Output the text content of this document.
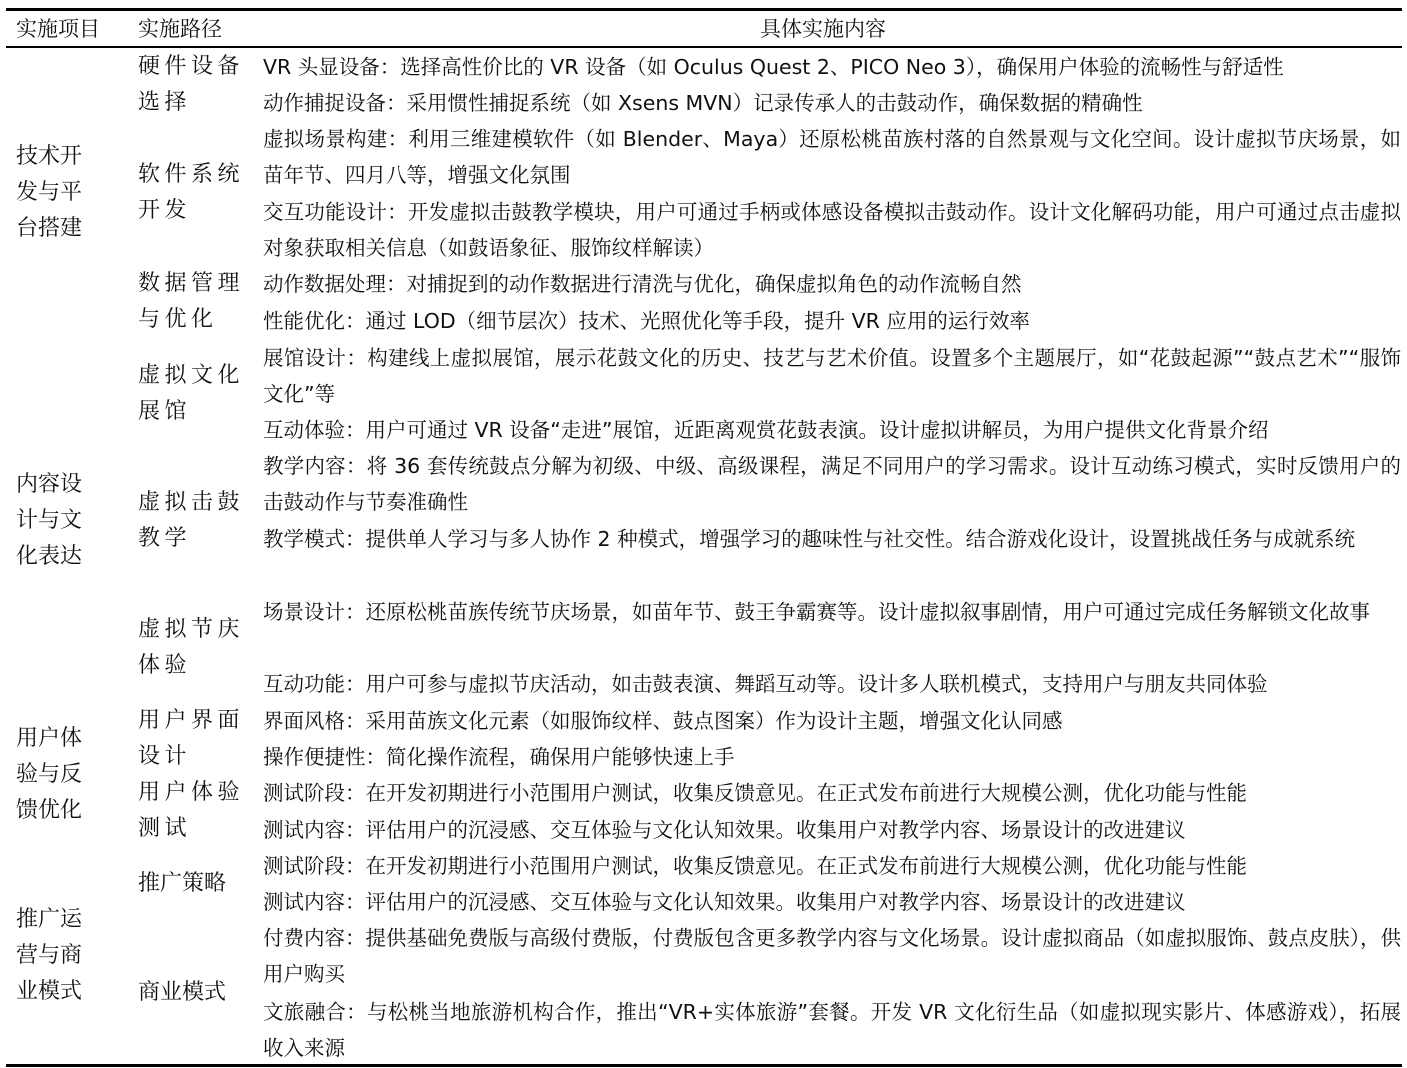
实施项目 实施路径	具体实施内容
技术开
发与平
台搭建
内容设
计与文
化表达
用户体
验与反
馈优化
推广运
营与商
业模式
硬件设备
选择
软件系统
开发
数据管理
与优化
虚拟文化
展馆
虚拟击鼓
教学
虚拟节庆
体验
用户界面
设计
用户体验
测试
推广策略
商业模式
VR 头显设备：选择高性价比的 VR 设备（如 Oculus Quest 2、PICO Neo 3），确保用户体验的流畅性与舒适性
动作捕捉设备：采用惯性捕捉系统（如 Xsens MVN）记录传承人的击鼓动作，确保数据的精确性
虚拟场景构建：利用三维建模软件（如 Blender、Maya）还原松桃苗族村落的自然景观与文化空间。设计虚拟节庆场景，如苗年节、四月八等，增强文化氛围
交互功能设计：开发虚拟击鼓教学模块，用户可通过手柄或体感设备模拟击鼓动作。设计文化解码功能，用户可通过点击虚拟对象获取相关信息（如鼓语象征、服饰纹样解读）
动作数据处理：对捕捉到的动作数据进行清洗与优化，确保虚拟角色的动作流畅自然
性能优化：通过 LOD（细节层次）技术、光照优化等手段，提升 VR 应用的运行效率
展馆设计：构建线上虚拟展馆，展示花鼓文化的历史、技艺与艺术价值。设置多个主题展厅，如“花鼓起源”“鼓点艺术”“服饰文化”等
互动体验：用户可通过 VR 设备“走进”展馆，近距离观赏花鼓表演。设计虚拟讲解员，为用户提供文化背景介绍
教学内容：将 36 套传统鼓点分解为初级、中级、高级课程，满足不同用户的学习需求。设计互动练习模式，实时反馈用户的击鼓动作与节奏准确性
教学模式：提供单人学习与多人协作 2 种模式，增强学习的趣味性与社交性。结合游戏化设计，设置挑战任务与成就系统
场景设计：还原松桃苗族传统节庆场景，如苗年节、鼓王争霸赛等。设计虚拟叙事剧情，用户可通过完成任务解锁文化故事
互动功能：用户可参与虚拟节庆活动，如击鼓表演、舞蹈互动等。设计多人联机模式，支持用户与朋友共同体验
界面风格：采用苗族文化元素（如服饰纹样、鼓点图案）作为设计主题，增强文化认同感
操作便捷性：简化操作流程，确保用户能够快速上手
测试阶段：在开发初期进行小范围用户测试，收集反馈意见。在正式发布前进行大规模公测，优化功能与性能
测试内容：评估用户的沉浸感、交互体验与文化认知效果。收集用户对教学内容、场景设计的改进建议
测试阶段：在开发初期进行小范围用户测试，收集反馈意见。在正式发布前进行大规模公测，优化功能与性能
测试内容：评估用户的沉浸感、交互体验与文化认知效果。收集用户对教学内容、场景设计的改进建议
付费内容：提供基础免费版与高级付费版，付费版包含更多教学内容与文化场景。设计虚拟商品（如虚拟服饰、鼓点皮肤），供用户购买
文旅融合：与松桃当地旅游机构合作，推出“VR+实体旅游”套餐。开发 VR 文化衍生品（如虚拟现实影片、体感游戏），拓展收入来源
